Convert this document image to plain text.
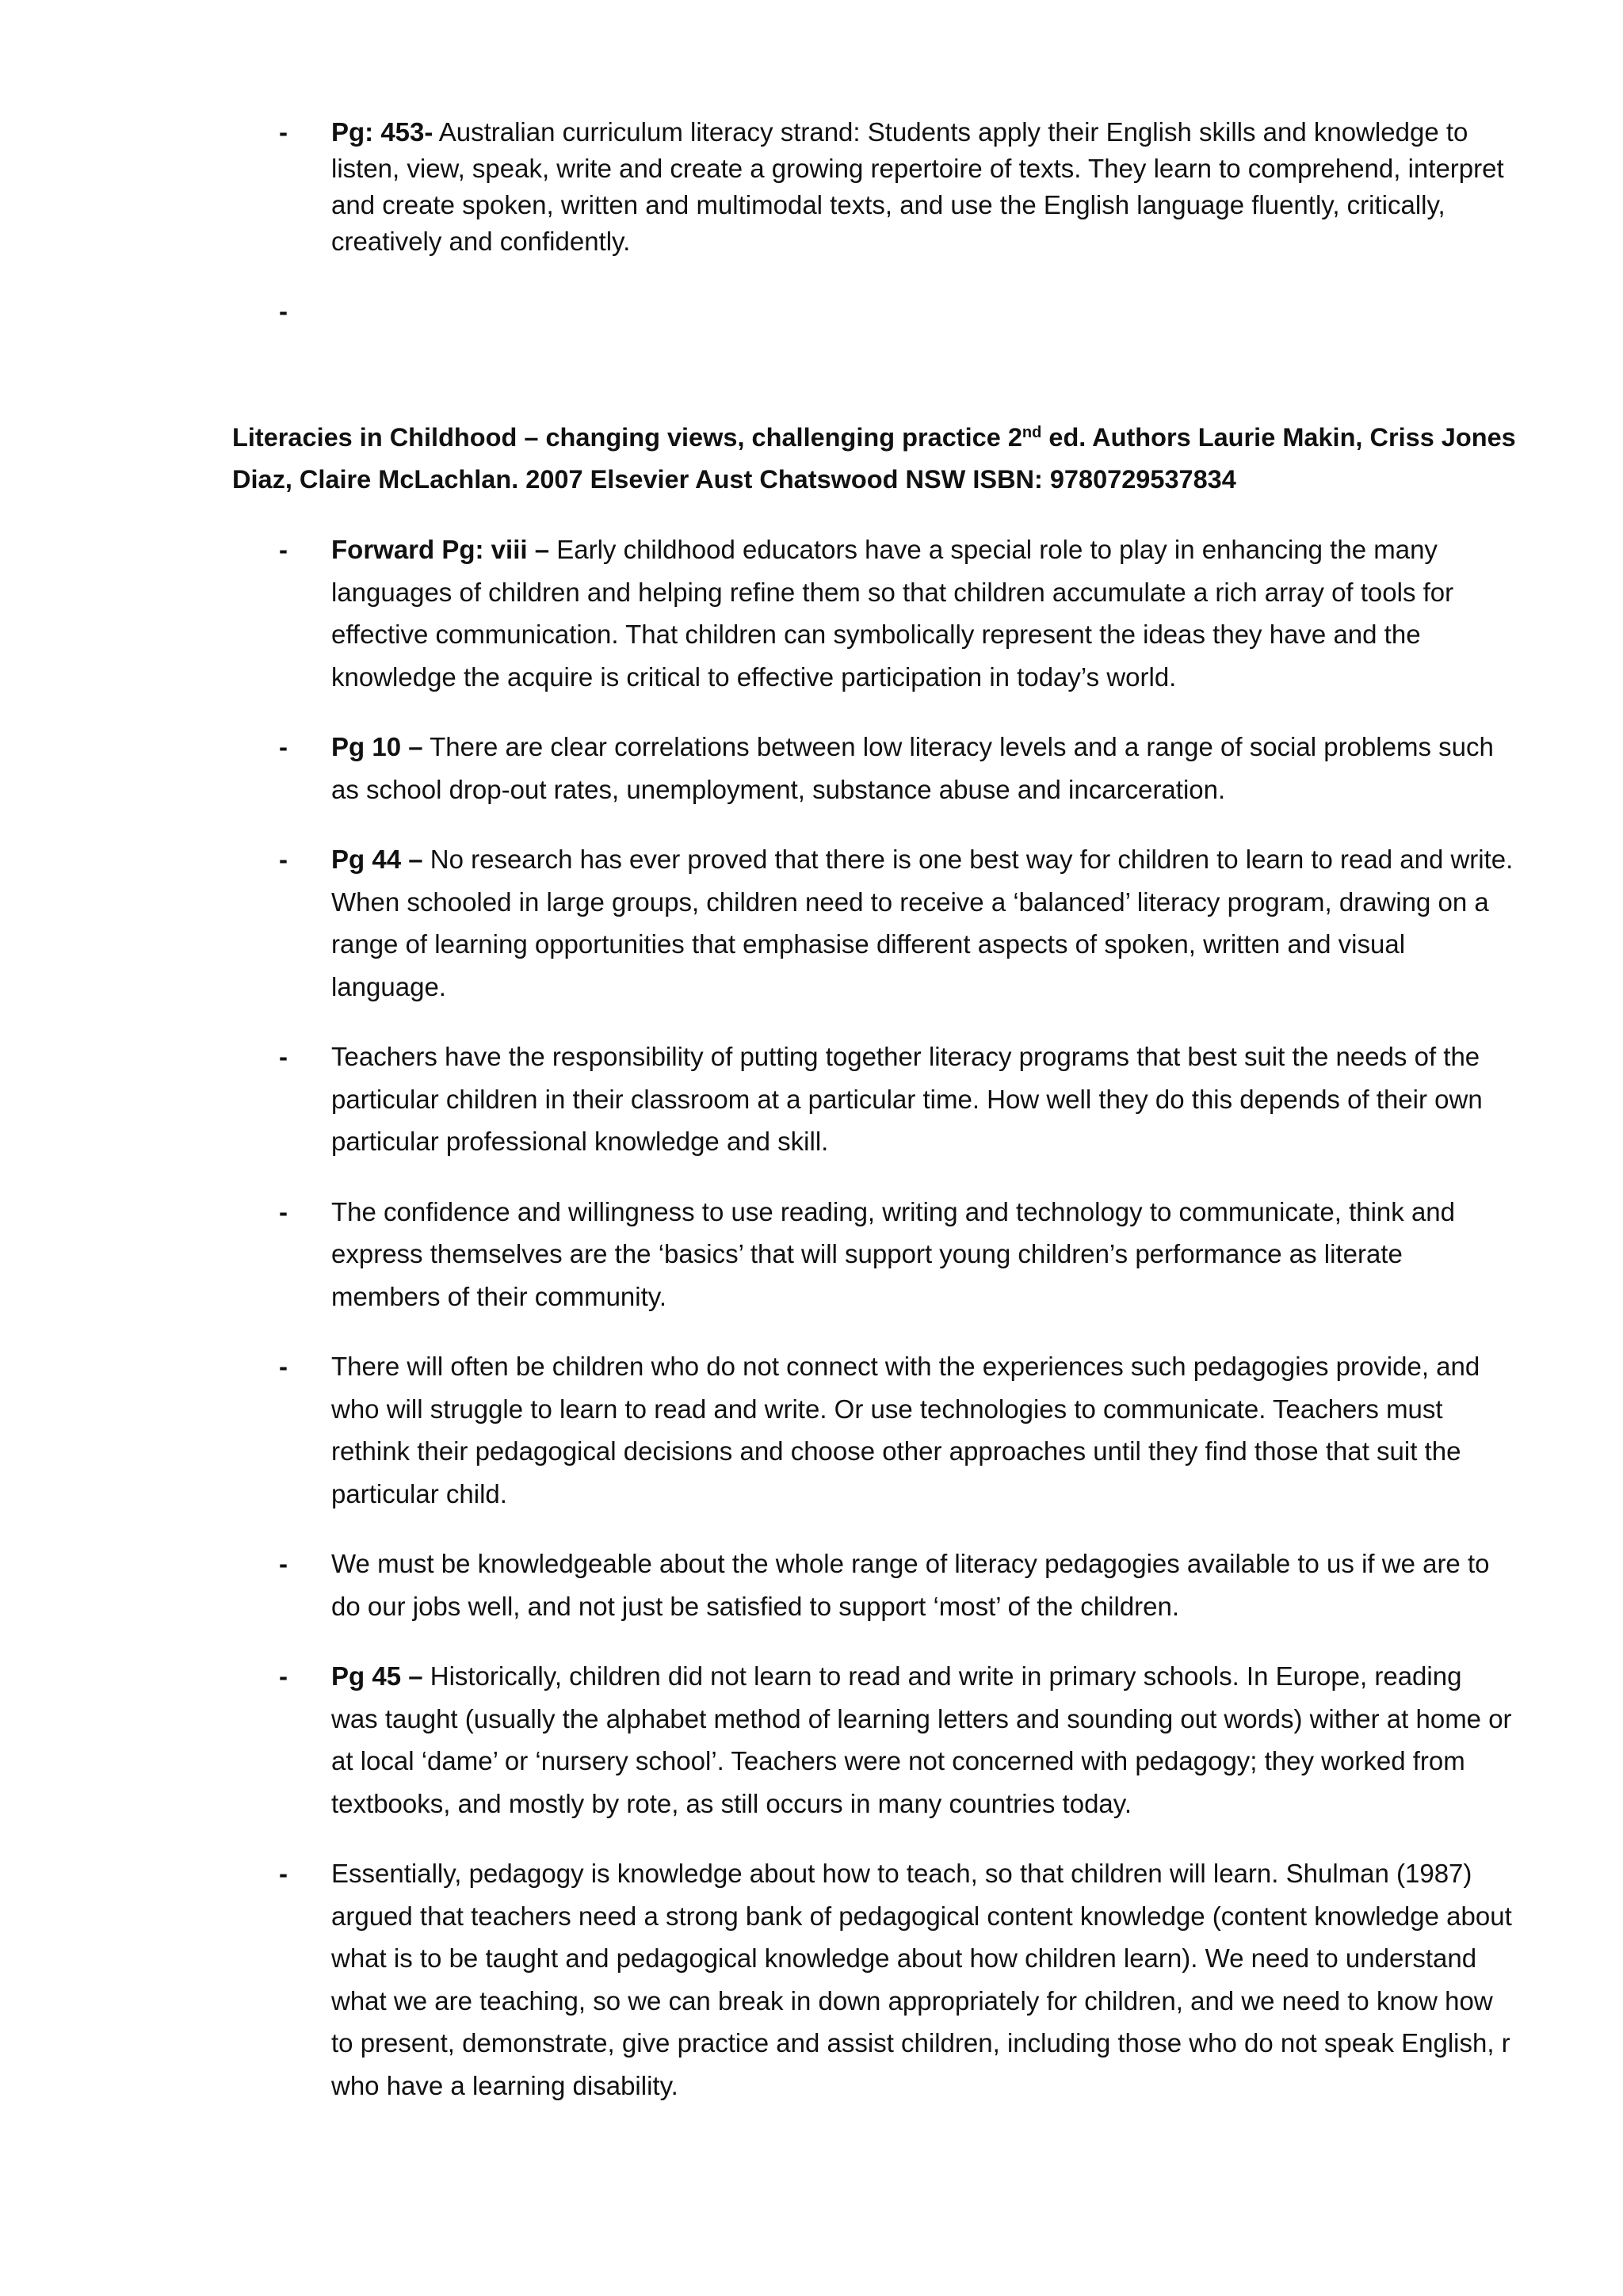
- Pg: 453- Australian curriculum literacy strand: Students apply their English skills and knowledge to listen, view, speak, write and create a growing repertoire of texts. They learn to comprehend, interpret and create spoken, written and multimodal texts, and use the English language fluently, critically, creatively and confidently.
-

Literacies in Childhood – changing views, challenging practice 2nd ed. Authors Laurie Makin, Criss Jones Diaz, Claire McLachlan. 2007 Elsevier Aust Chatswood NSW ISBN: 9780729537834

- Forward Pg: viii – Early childhood educators have a special role to play in enhancing the many languages of children and helping refine them so that children accumulate a rich array of tools for effective communication. That children can symbolically represent the ideas they have and the knowledge the acquire is critical to effective participation in today’s world.
- Pg 10 – There are clear correlations between low literacy levels and a range of social problems such as school drop-out rates, unemployment, substance abuse and incarceration.
- Pg 44 – No research has ever proved that there is one best way for children to learn to read and write. When schooled in large groups, children need to receive a ‘balanced’ literacy program, drawing on a range of learning opportunities that emphasise different aspects of spoken, written and visual language.
- Teachers have the responsibility of putting together literacy programs that best suit the needs of the particular children in their classroom at a particular time. How well they do this depends of their own particular professional knowledge and skill.
- The confidence and willingness to use reading, writing and technology to communicate, think and express themselves are the ‘basics’ that will support young children’s performance as literate members of their community.
- There will often be children who do not connect with the experiences such pedagogies provide, and who will struggle to learn to read and write. Or use technologies to communicate. Teachers must rethink their pedagogical decisions and choose other approaches until they find those that suit the particular child.
- We must be knowledgeable about the whole range of literacy pedagogies available to us if we are to do our jobs well, and not just be satisfied to support ‘most’ of the children.
- Pg 45 – Historically, children did not learn to read and write in primary schools. In Europe, reading was taught (usually the alphabet method of learning letters and sounding out words) wither at home or at local ‘dame’ or ‘nursery school’. Teachers were not concerned with pedagogy; they worked from textbooks, and mostly by rote, as still occurs in many countries today.
- Essentially, pedagogy is knowledge about how to teach, so that children will learn. Shulman (1987) argued that teachers need a strong bank of pedagogical content knowledge (content knowledge about what is to be taught and pedagogical knowledge about how children learn). We need to understand what we are teaching, so we can break in down appropriately for children, and we need to know how to present, demonstrate, give practice and assist children, including those who do not speak English, r who have a learning disability.
